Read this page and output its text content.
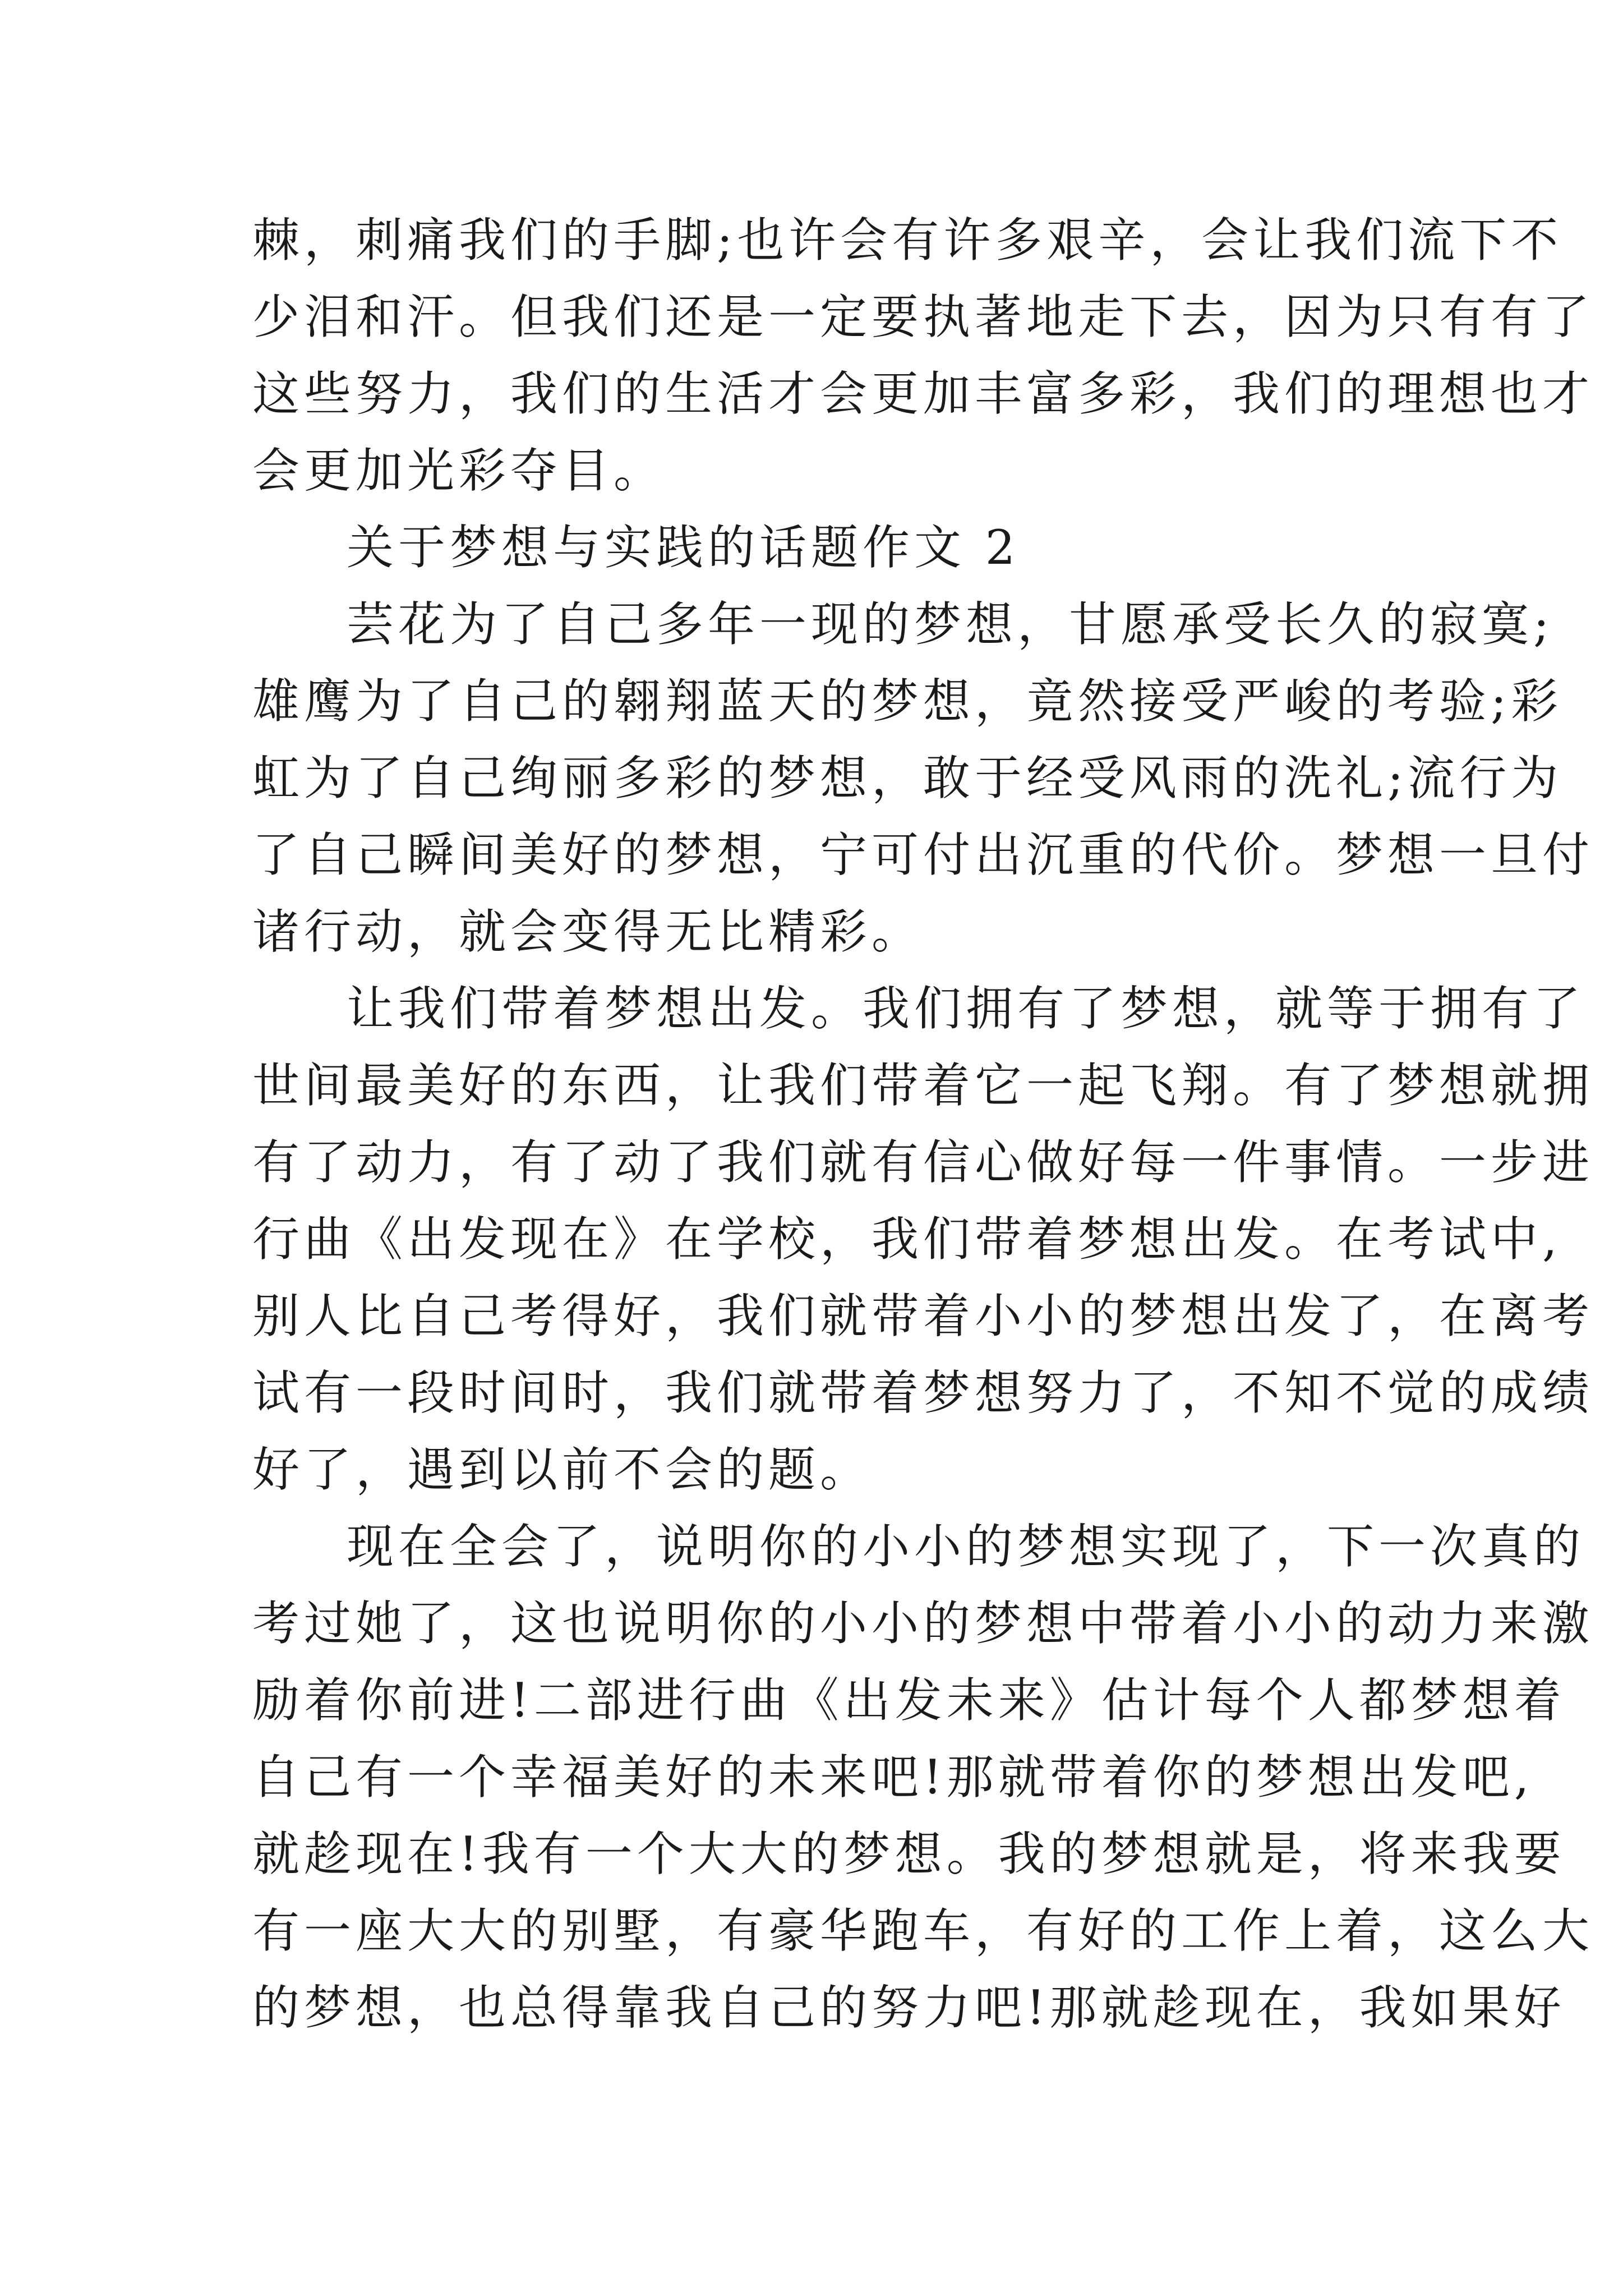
棘，刺痛我们的手脚;也许会有许多艰辛，会让我们流下不
少泪和汗。但我们还是一定要执著地走下去，因为只有有了
这些努力，我们的生活才会更加丰富多彩，我们的理想也才
会更加光彩夺目。
关于梦想与实践的话题作文 2
芸花为了自己多年一现的梦想，甘愿承受长久的寂寞;
雄鹰为了自己的翱翔蓝天的梦想，竟然接受严峻的考验;彩
虹为了自己绚丽多彩的梦想，敢于经受风雨的洗礼;流行为
了自己瞬间美好的梦想，宁可付出沉重的代价。梦想一旦付
诸行动，就会变得无比精彩。
让我们带着梦想出发。我们拥有了梦想，就等于拥有了
世间最美好的东西，让我们带着它一起飞翔。有了梦想就拥
有了动力，有了动了我们就有信心做好每一件事情。一步进
行曲《出发现在》在学校，我们带着梦想出发。在考试中,
别人比自己考得好，我们就带着小小的梦想出发了，在离考
试有一段时间时，我们就带着梦想努力了，不知不觉的成绩
好了，遇到以前不会的题。
现在全会了，说明你的小小的梦想实现了，下一次真的
考过她了，这也说明你的小小的梦想中带着小小的动力来激
励着你前进!二部进行曲《出发未来》估计每个人都梦想着
自己有一个幸福美好的未来吧!那就带着你的梦想出发吧,
就趁现在!我有一个大大的梦想。我的梦想就是，将来我要
有一座大大的别墅，有豪华跑车，有好的工作上着，这么大
的梦想，也总得靠我自己的努力吧!那就趁现在，我如果好
